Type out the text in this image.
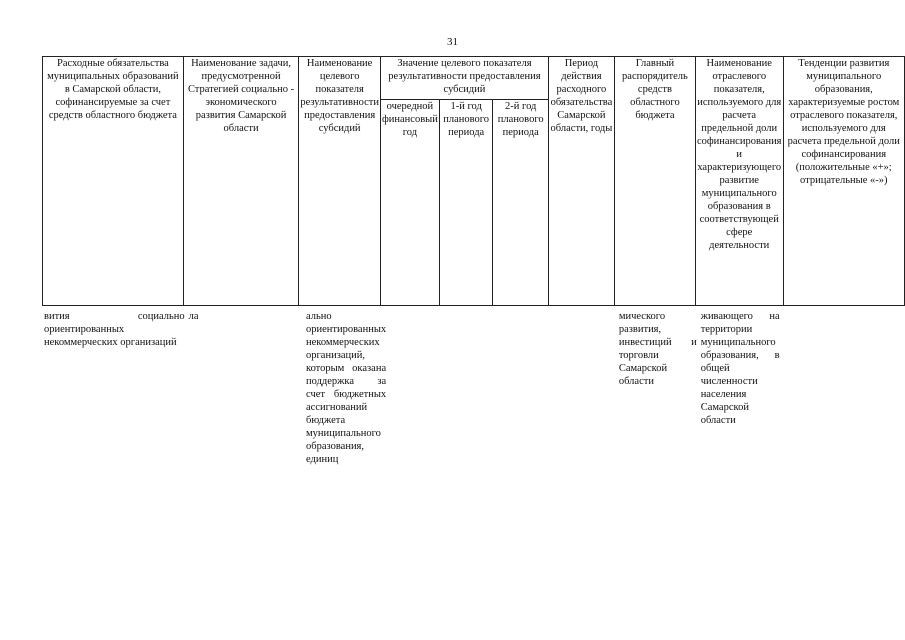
31
Расходные обязательства муниципальных образований в Самарской области, софинансируемые за счет средств областного бюджета	Наименование задачи, предусмотренной Стратегией социально - экономического развития Самарской области	Наименование целевого показателя результативности предоставления субсидий	Значение целевого показателя результативности предоставления субсидий			Период действия расходного обязательства Самарской области, годы	Главный распорядитель средств областного бюджета	Наименование отраслевого показателя, используемого для расчета предельной доли софинансирования и характеризующего развитие муниципального образования в соответствующей сфере деятельности	Тенденции развития муниципального образования, характеризуемые ростом отраслевого показателя, используемого для расчета предельной доли софинансирования (положительные «+»; отрицательные «-»)
			очередной финансовый год	1-й год планового периода	2-й год планового периода				
вития социально ориентированных некоммерческих организаций	ла	ально ориентированных некоммерческих организаций, которым оказана поддержка за счет бюджетных ассигнований бюджета муниципального образования, единиц					мического развития, инвестиций и торговли Самарской области	живающего на территории муниципального образования, в общей численности населения Самарской области	
